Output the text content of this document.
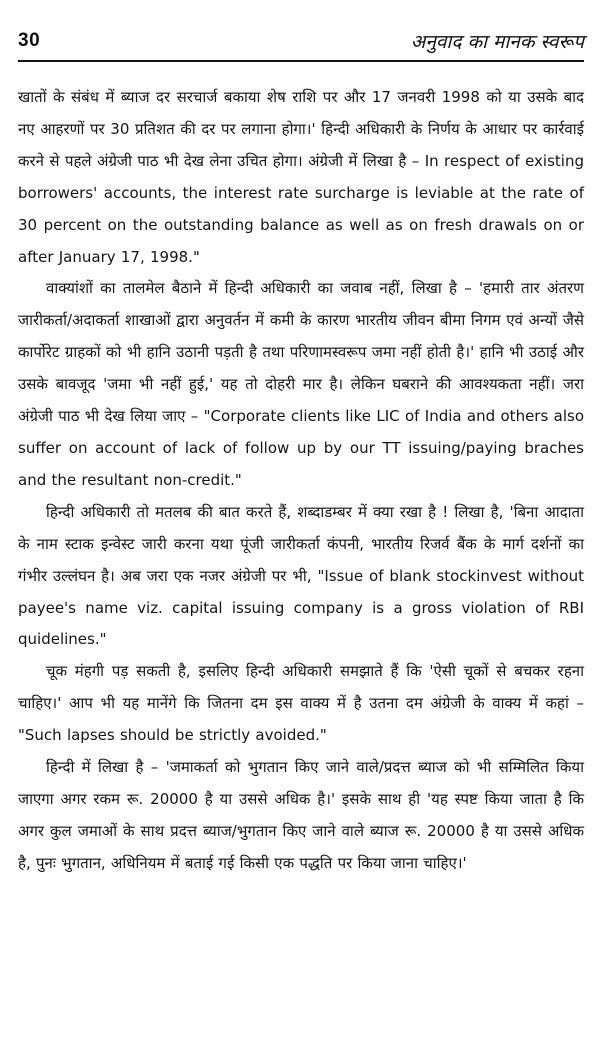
30	अनुवाद का मानक स्वरूप

खातों के संबंध में ब्याज दर सरचार्ज बकाया शेष राशि पर और 17 जनवरी 1998 को या उसके बाद नए आहरणों पर 30 प्रतिशत की दर पर लगाना होगा।' हिन्दी अधिकारी के निर्णय के आधार पर कार्रवाई करने से पहले अंग्रेजी पाठ भी देख लेना उचित होगा। अंग्रेजी में लिखा है – In respect of existing borrowers' accounts, the interest rate surcharge is leviable at the rate of 30 percent on the outstanding balance as well as on fresh drawals on or after January 17, 1998."

वाक्यांशों का तालमेल बैठाने में हिन्दी अधिकारी का जवाब नहीं, लिखा है – 'हमारी तार अंतरण जारीकर्ता/अदाकर्ता शाखाओं द्वारा अनुवर्तन में कमी के कारण भारतीय जीवन बीमा निगम एवं अन्यों जैसे कार्पोरेट ग्राहकों को भी हानि उठानी पड़ती है तथा परिणामस्वरूप जमा नहीं होती है।' हानि भी उठाई और उसके बावजूद 'जमा भी नहीं हुई,' यह तो दोहरी मार है। लेकिन घबराने की आवश्यकता नहीं। जरा अंग्रेजी पाठ भी देख लिया जाए – "Corporate clients like LIC of India and others also suffer on account of lack of follow up by our TT issuing/paying braches and the resultant non-credit."

हिन्दी अधिकारी तो मतलब की बात करते हैं, शब्दाडम्बर में क्या रखा है ! लिखा है, 'बिना आदाता के नाम स्टाक इन्वेस्ट जारी करना यथा पूंजी जारीकर्ता कंपनी, भारतीय रिजर्व बैंक के मार्ग दर्शनों का गंभीर उल्लंघन है। अब जरा एक नजर अंग्रेजी पर भी, "Issue of blank stockinvest without payee's name viz. capital issuing company is a gross violation of RBI quidelines."

चूक मंहगी पड़ सकती है, इसलिए हिन्दी अधिकारी समझाते हैं कि 'ऐसी चूकों से बचकर रहना चाहिए।' आप भी यह मानेंगे कि जितना दम इस वाक्य में है उतना दम अंग्रेजी के वाक्य में कहां – "Such lapses should be strictly avoided."

हिन्दी में लिखा है – 'जमाकर्ता को भुगतान किए जाने वाले/प्रदत्त ब्याज को भी सम्मिलित किया जाएगा अगर रकम रू. 20000 है या उससे अधिक है।' इसके साथ ही 'यह स्पष्ट किया जाता है कि अगर कुल जमाओं के साथ प्रदत्त ब्याज/भुगतान किए जाने वाले ब्याज रू. 20000 है या उससे अधिक है, पुनः भुगतान, अधिनियम में बताई गई किसी एक पद्धति पर किया जाना चाहिए।'
